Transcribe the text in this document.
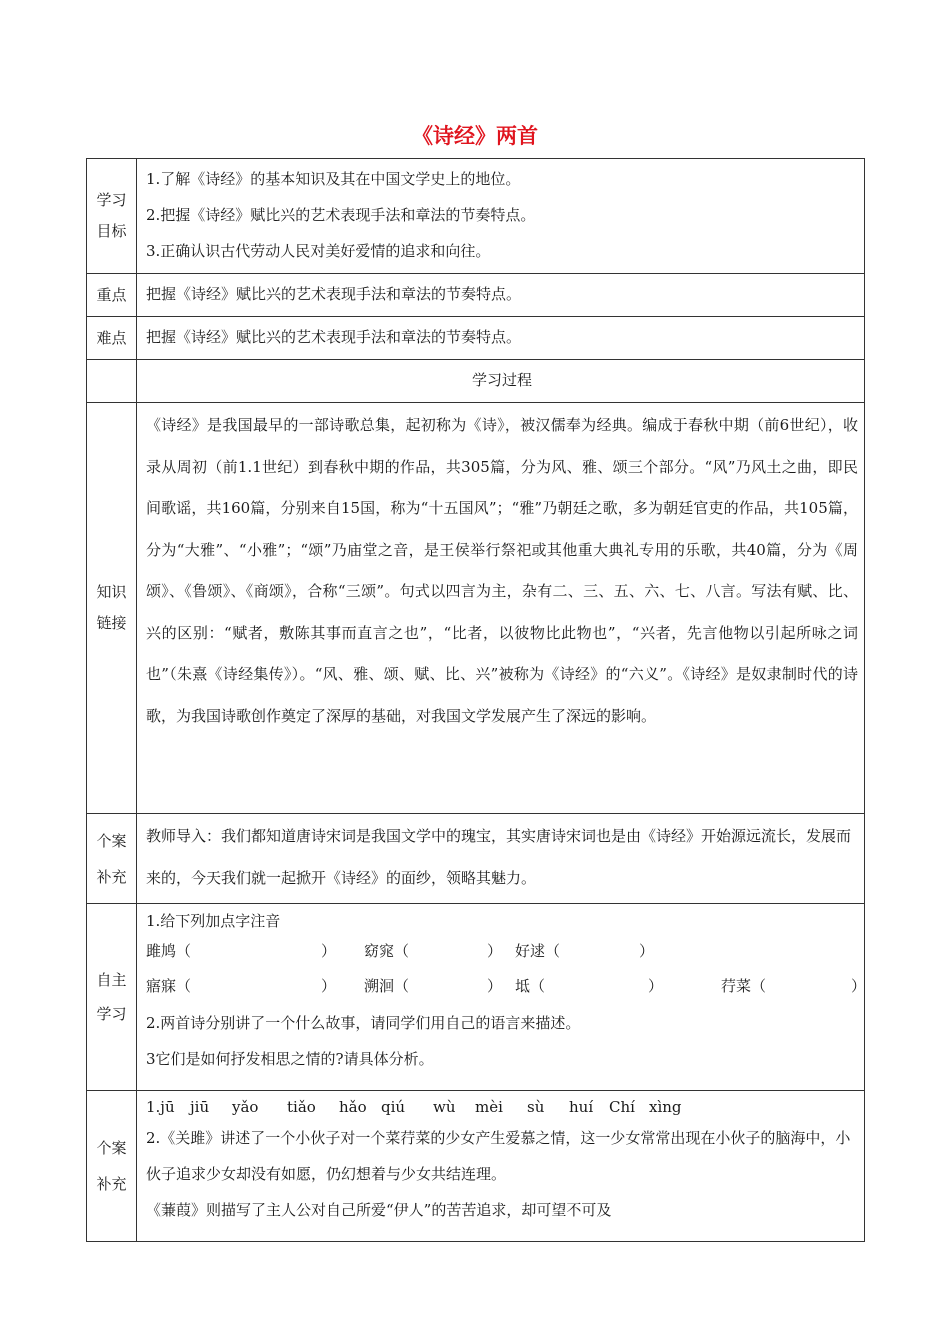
《诗经》两首
学习目标	1.了解《诗经》的基本知识及其在中国文学史上的地位。
2.把握《诗经》赋比兴的艺术表现手法和章法的节奏特点。
3.正确认识古代劳动人民对美好爱情的追求和向往。

重点	把握《诗经》赋比兴的艺术表现手法和章法的节奏特点。

难点	把握《诗经》赋比兴的艺术表现手法和章法的节奏特点。

	学习过程

知识链接	《诗经》是我国最早的一部诗歌总集，起初称为《诗》，被汉儒奉为经典。编成于春秋中期（前6世纪），收录从周初（前1.1世纪）到春秋中期的作品，共305篇，分为风、雅、颂三个部分。“风”乃风土之曲，即民间歌谣，共160篇，分别来自15国，称为“十五国风”；“雅”乃朝廷之歌，多为朝廷官吏的作品，共105篇，分为“大雅”、“小雅”；“颂”乃庙堂之音，是王侯举行祭祀或其他重大典礼专用的乐歌，共40篇，分为《周颂》、《鲁颂》、《商颂》，合称“三颂”。句式以四言为主，杂有二、三、五、六、七、八言。写法有赋、比、兴的区别：“赋者，敷陈其事而直言之也”，“比者，以彼物比此物也”，“兴者，先言他物以引起所咏之词也”（朱熹《诗经集传》）。“风、雅、颂、赋、比、兴”被称为《诗经》的“六义”。《诗经》是奴隶制时代的诗歌，为我国诗歌创作奠定了深厚的基础，对我国文学发展产生了深远的影响。

个案补充	教师导入：我们都知道唐诗宋词是我国文学中的瑰宝，其实唐诗宋词也是由《诗经》开始源远流长，发展而来的，今天我们就一起掀开《诗经》的面纱，领略其魅力。

自主学习	1.给下列加点字注音
雎鸠（ ） 窈窕（ ） 好逑（ ）
寤寐（ ） 溯洄（ ） 坻（ ） 荇菜（ ）
2.两首诗分别讲了一个什么故事，请同学们用自己的语言来描述。
3它们是如何抒发相思之情的?请具体分析。

个案补充	1.jū jiū yǎo tiǎo hǎo qiú wù mèi sù huí Chí xìng
2.《关雎》讲述了一个小伙子对一个菜荇菜的少女产生爱慕之情，这一少女常常出现在小伙子的脑海中，小伙子追求少女却没有如愿，仍幻想着与少女共结连理。
《蒹葭》则描写了主人公对自己所爱“伊人”的苦苦追求，却可望不可及
